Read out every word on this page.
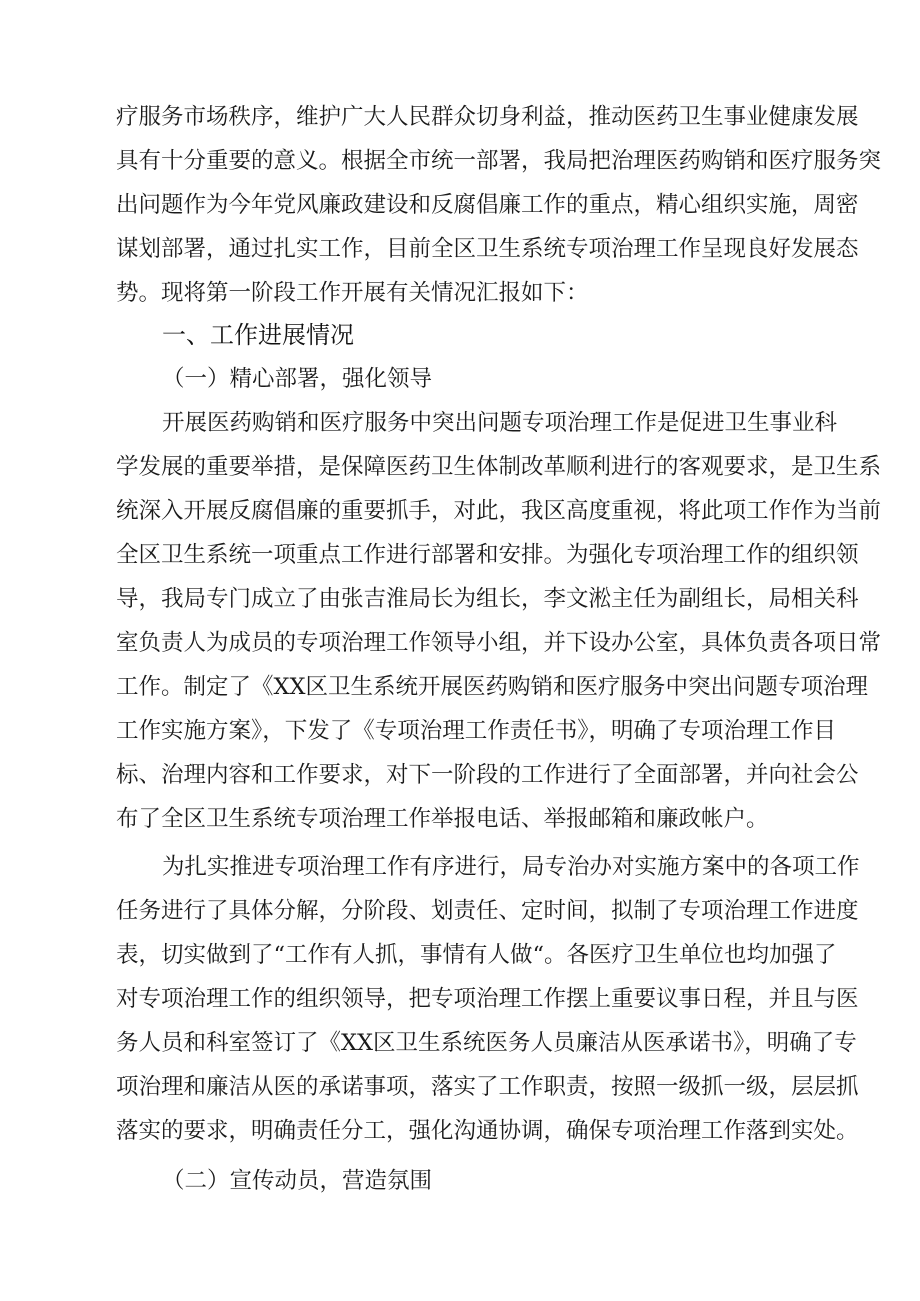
疗服务市场秩序，维护广大人民群众切身利益，推动医药卫生事业健康发展
具有十分重要的意义。根据全市统一部署，我局把治理医药购销和医疗服务突
出问题作为今年党风廉政建设和反腐倡廉工作的重点，精心组织实施，周密
谋划部署，通过扎实工作，目前全区卫生系统专项治理工作呈现良好发展态
势。现将第一阶段工作开展有关情况汇报如下：
一、工作进展情况
（一）精心部署，强化领导
开展医药购销和医疗服务中突出问题专项治理工作是促进卫生事业科
学发展的重要举措，是保障医药卫生体制改革顺利进行的客观要求，是卫生系
统深入开展反腐倡廉的重要抓手，对此，我区高度重视，将此项工作作为当前
全区卫生系统一项重点工作进行部署和安排。为强化专项治理工作的组织领
导，我局专门成立了由张吉淮局长为组长，李文淞主任为副组长，局相关科
室负责人为成员的专项治理工作领导小组，并下设办公室，具体负责各项日常
工作。制定了《XX区卫生系统开展医药购销和医疗服务中突出问题专项治理
工作实施方案》，下发了《专项治理工作责任书》，明确了专项治理工作目
标、治理内容和工作要求，对下一阶段的工作进行了全面部署，并向社会公
布了全区卫生系统专项治理工作举报电话、举报邮箱和廉政帐户。
为扎实推进专项治理工作有序进行，局专治办对实施方案中的各项工作
任务进行了具体分解，分阶段、划责任、定时间，拟制了专项治理工作进度
表，切实做到了“工作有人抓，事情有人做“。各医疗卫生单位也均加强了
对专项治理工作的组织领导，把专项治理工作摆上重要议事日程，并且与医
务人员和科室签订了《XX区卫生系统医务人员廉洁从医承诺书》，明确了专
项治理和廉洁从医的承诺事项，落实了工作职责，按照一级抓一级，层层抓
落实的要求，明确责任分工，强化沟通协调，确保专项治理工作落到实处。
（二）宣传动员，营造氛围
